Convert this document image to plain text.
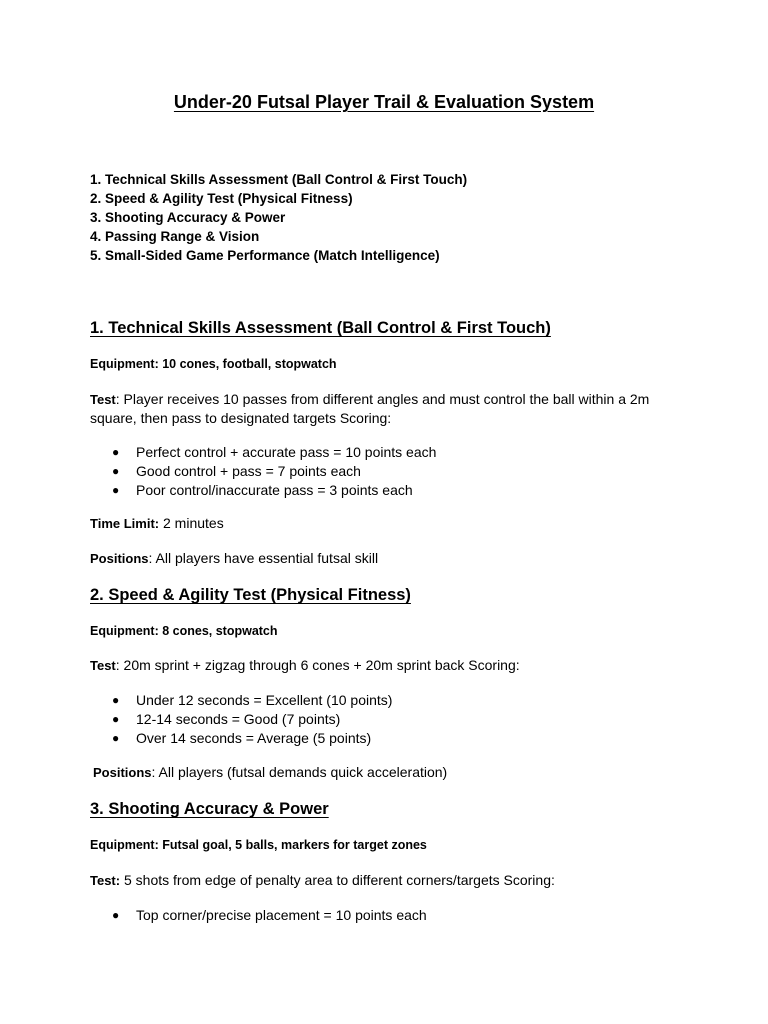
Under-20 Futsal Player Trail & Evaluation System
1. Technical Skills Assessment (Ball Control & First Touch)
2. Speed & Agility Test (Physical Fitness)
3. Shooting Accuracy & Power
4. Passing Range & Vision
5. Small-Sided Game Performance (Match Intelligence)
1. Technical Skills Assessment (Ball Control & First Touch)
Equipment: 10 cones, football, stopwatch
Test: Player receives 10 passes from different angles and must control the ball within a 2m square, then pass to designated targets Scoring:
● Perfect control + accurate pass = 10 points each
● Good control + pass = 7 points each
● Poor control/inaccurate pass = 3 points each
Time Limit: 2 minutes
Positions: All players have essential futsal skill
2. Speed & Agility Test (Physical Fitness)
Equipment: 8 cones, stopwatch
Test: 20m sprint + zigzag through 6 cones + 20m sprint back Scoring:
● Under 12 seconds = Excellent (10 points)
● 12-14 seconds = Good (7 points)
● Over 14 seconds = Average (5 points)
Positions: All players (futsal demands quick acceleration)
3. Shooting Accuracy & Power
Equipment: Futsal goal, 5 balls, markers for target zones
Test: 5 shots from edge of penalty area to different corners/targets Scoring:
● Top corner/precise placement = 10 points each
